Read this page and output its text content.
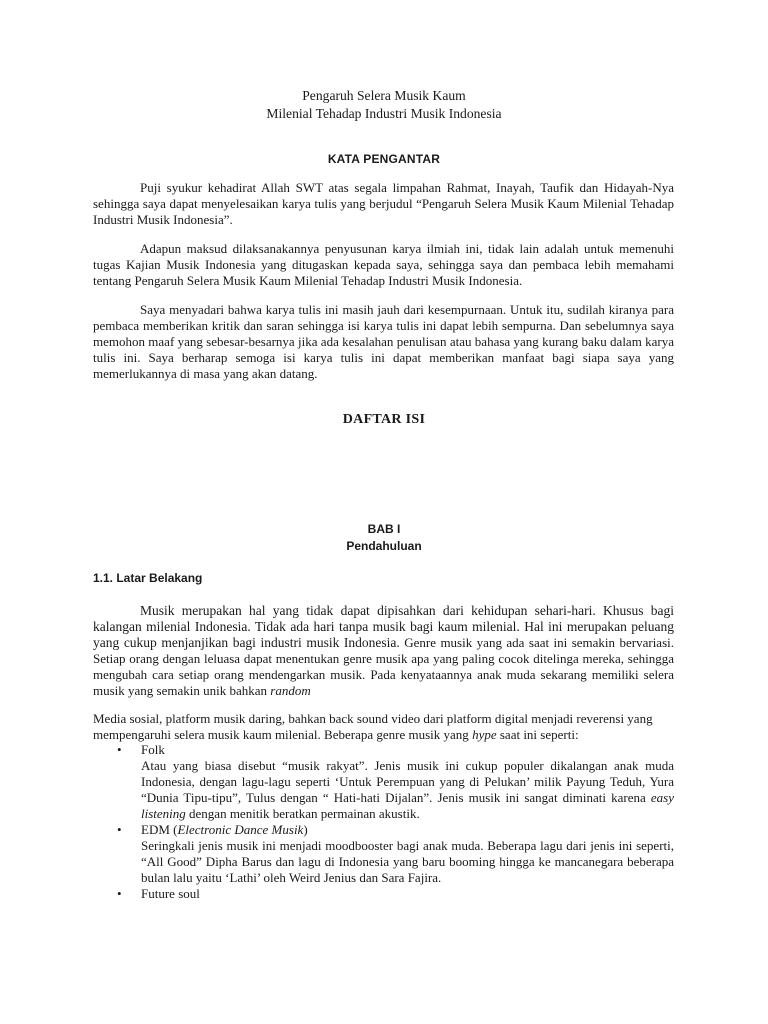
Pengaruh Selera Musik Kaum
Milenial Tehadap Industri Musik Indonesia
KATA PENGANTAR
Puji syukur kehadirat Allah SWT atas segala limpahan Rahmat, Inayah, Taufik dan Hidayah-Nya sehingga saya dapat menyelesaikan karya tulis yang berjudul “Pengaruh Selera Musik Kaum Milenial Tehadap Industri Musik Indonesia”.
Adapun maksud dilaksanakannya penyusunan karya ilmiah ini, tidak lain adalah untuk memenuhi tugas Kajian Musik Indonesia yang ditugaskan kepada saya, sehingga saya dan pembaca lebih memahami tentang Pengaruh Selera Musik Kaum Milenial Tehadap Industri Musik Indonesia.
Saya menyadari bahwa karya tulis ini masih jauh dari kesempurnaan. Untuk itu, sudilah kiranya para pembaca memberikan kritik dan saran sehingga isi karya tulis ini dapat lebih sempurna. Dan sebelumnya saya memohon maaf yang sebesar-besarnya jika ada kesalahan penulisan atau bahasa yang kurang baku dalam karya tulis ini. Saya berharap semoga isi karya tulis ini dapat memberikan manfaat bagi siapa saya yang memerlukannya di masa yang akan datang.
DAFTAR ISI
BAB I
Pendahuluan
1.1. Latar Belakang
Musik merupakan hal yang tidak dapat dipisahkan dari kehidupan sehari-hari. Khusus bagi kalangan milenial Indonesia. Tidak ada hari tanpa musik bagi kaum milenial. Hal ini merupakan peluang yang cukup menjanjikan bagi industri musik Indonesia. Genre musik yang ada saat ini semakin bervariasi. Setiap orang dengan leluasa dapat menentukan genre musik apa yang paling cocok ditelinga mereka, sehingga mengubah cara setiap orang mendengarkan musik. Pada kenyataannya anak muda sekarang memiliki selera musik yang semakin unik bahkan random
Media sosial, platform musik daring, bahkan back sound video dari platform digital menjadi reverensi yang mempengaruhi selera musik kaum milenial. Beberapa genre musik yang hype saat ini seperti:
• Folk
Atau yang biasa disebut “musik rakyat”. Jenis musik ini cukup populer dikalangan anak muda Indonesia, dengan lagu-lagu seperti ‘Untuk Perempuan yang di Pelukan’ milik Payung Teduh, Yura “Dunia Tipu-tipu”, Tulus dengan “ Hati-hati Dijalan”. Jenis musik ini sangat diminati karena easy listening dengan menitik beratkan permainan akustik.
• EDM (Electronic Dance Musik)
Seringkali jenis musik ini menjadi moodbooster bagi anak muda. Beberapa lagu dari jenis ini seperti, “All Good” Dipha Barus dan lagu di Indonesia yang baru booming hingga ke mancanegara beberapa bulan lalu yaitu ‘Lathi’ oleh Weird Jenius dan Sara Fajira.
• Future soul
